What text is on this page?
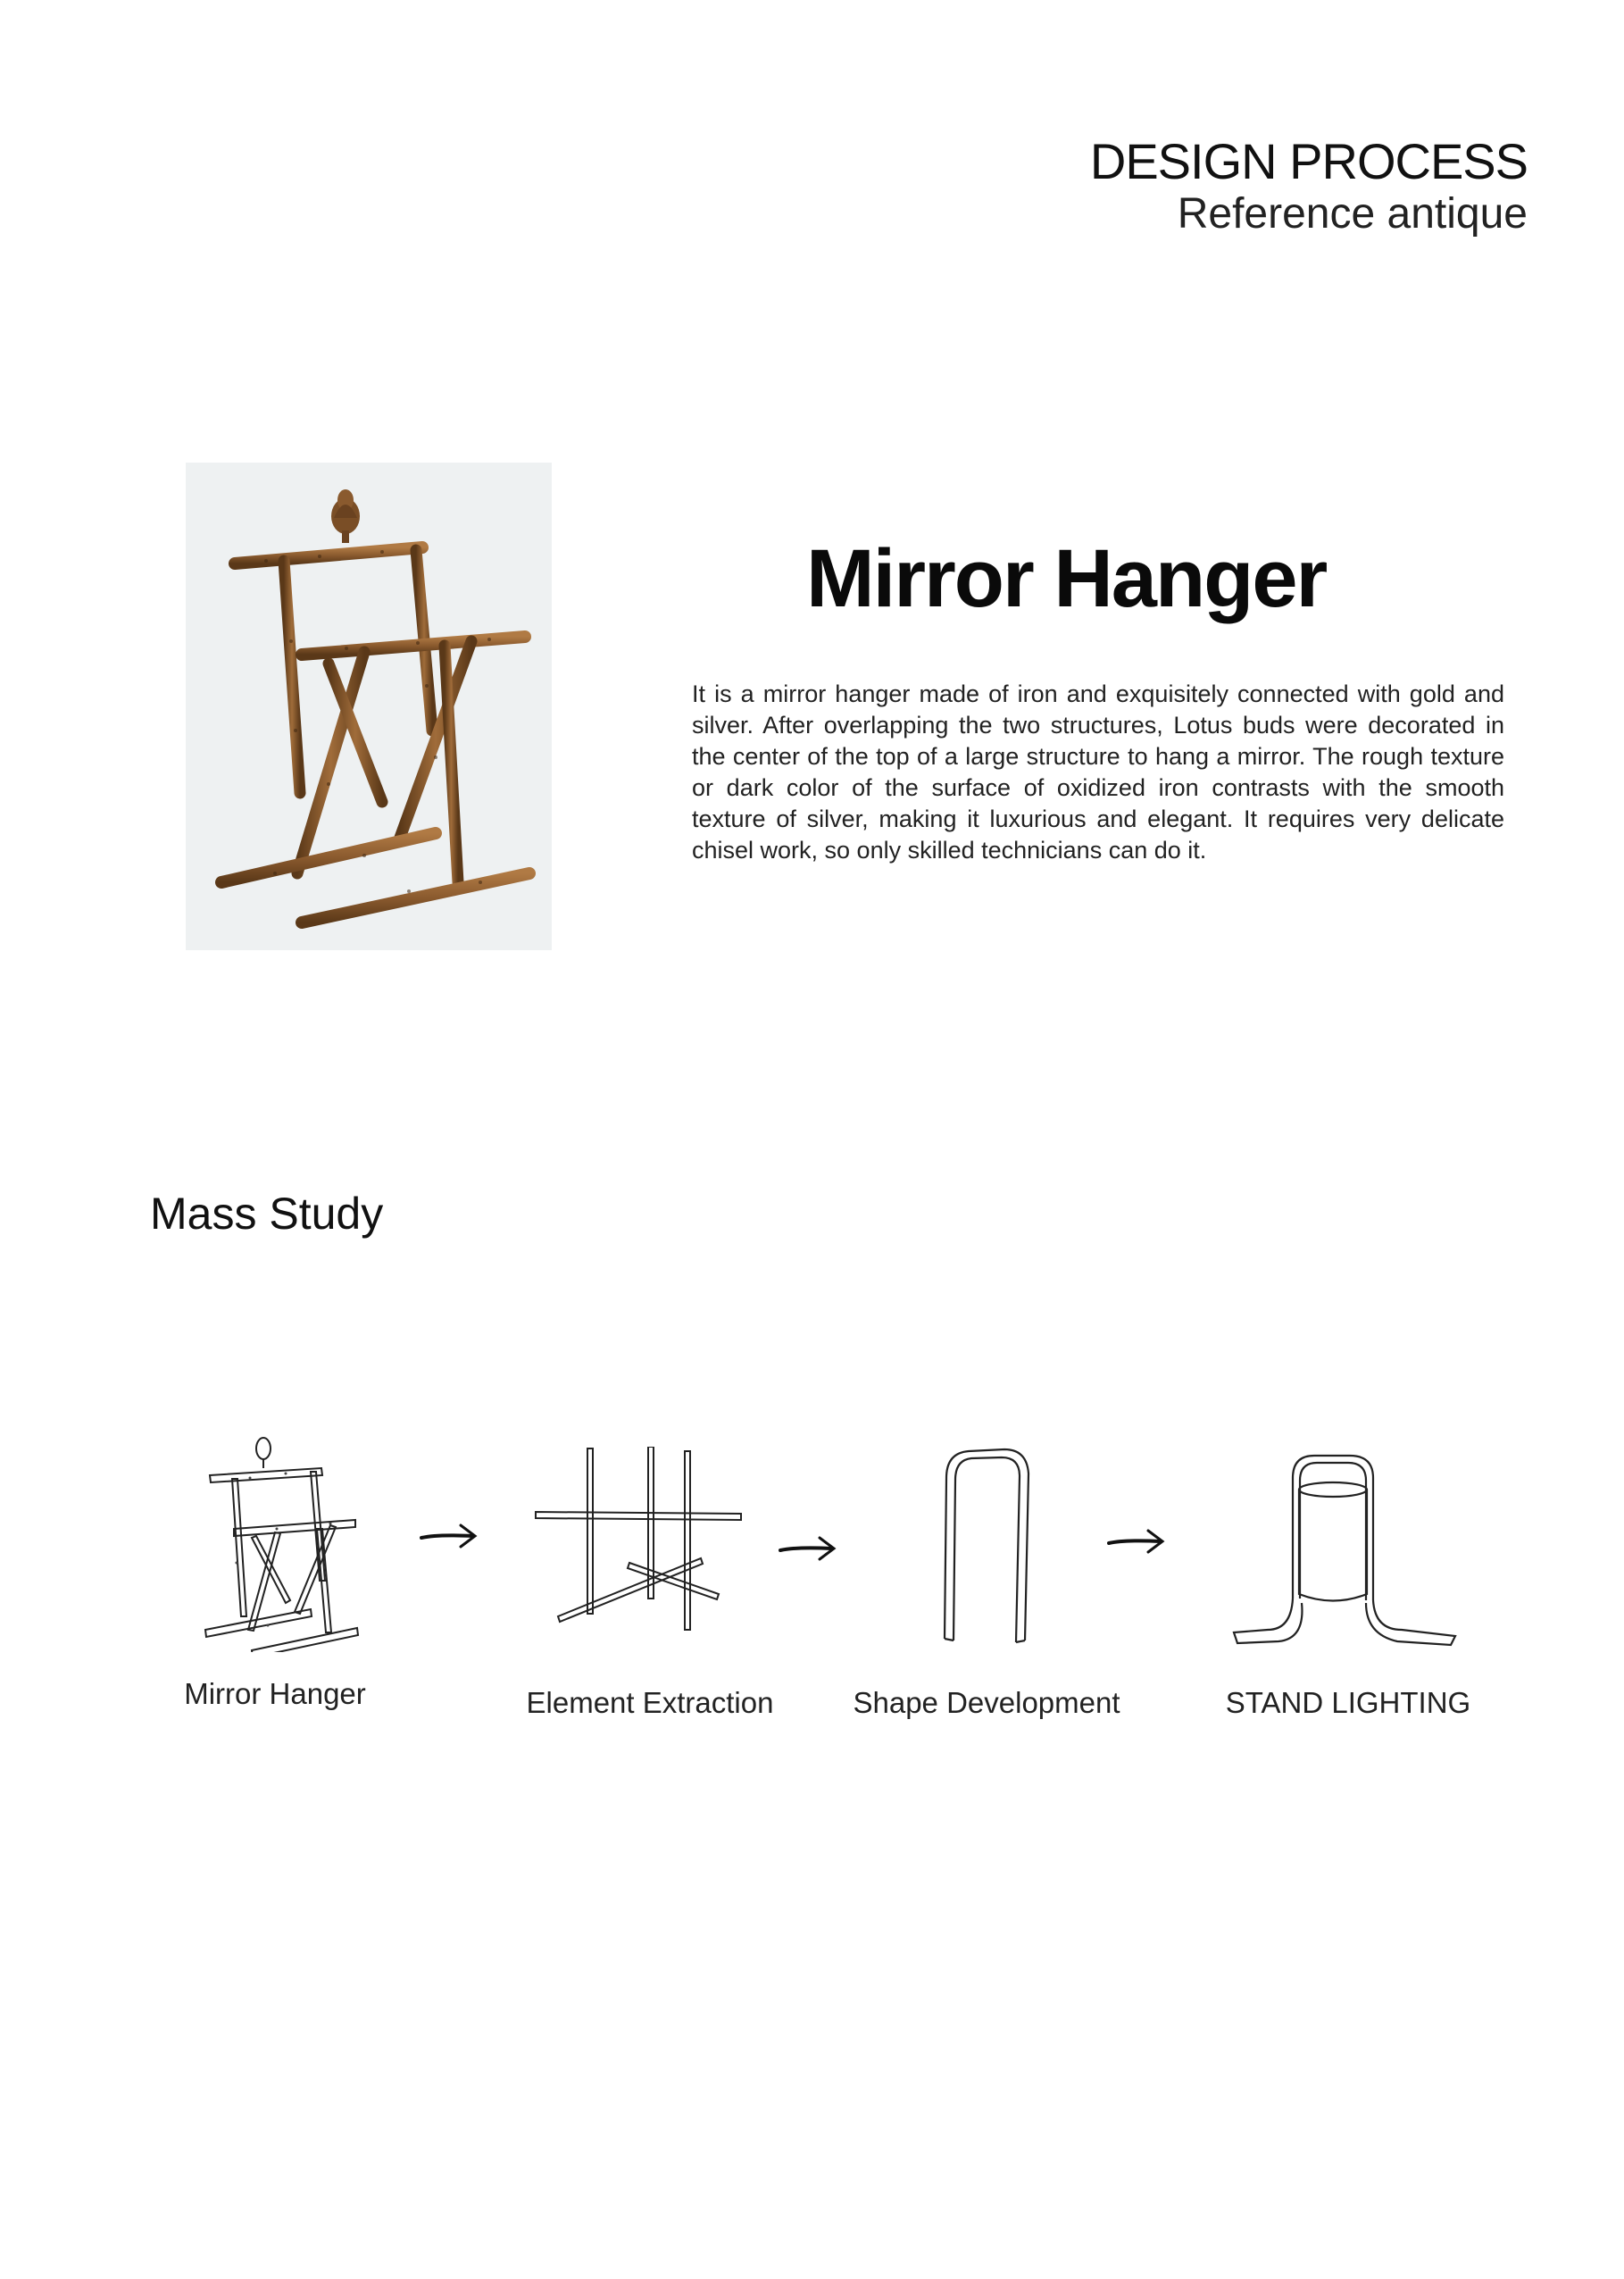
DESIGN PROCESS
Reference antique
Mirror Hanger
It is a mirror hanger made of iron and exquisitely connected with gold and silver. After overlapping the two structures, Lotus buds were decorated in the center of the top of a large structure to hang a mirror. The rough texture or dark color of the surface of oxidized iron contrasts with the smooth texture of silver, making it luxurious and elegant. It requires very delicate chisel work, so only skilled technicians can do it.
Mass Study
Mirror Hanger	Element Extraction	Shape Development	STAND LIGHTING
